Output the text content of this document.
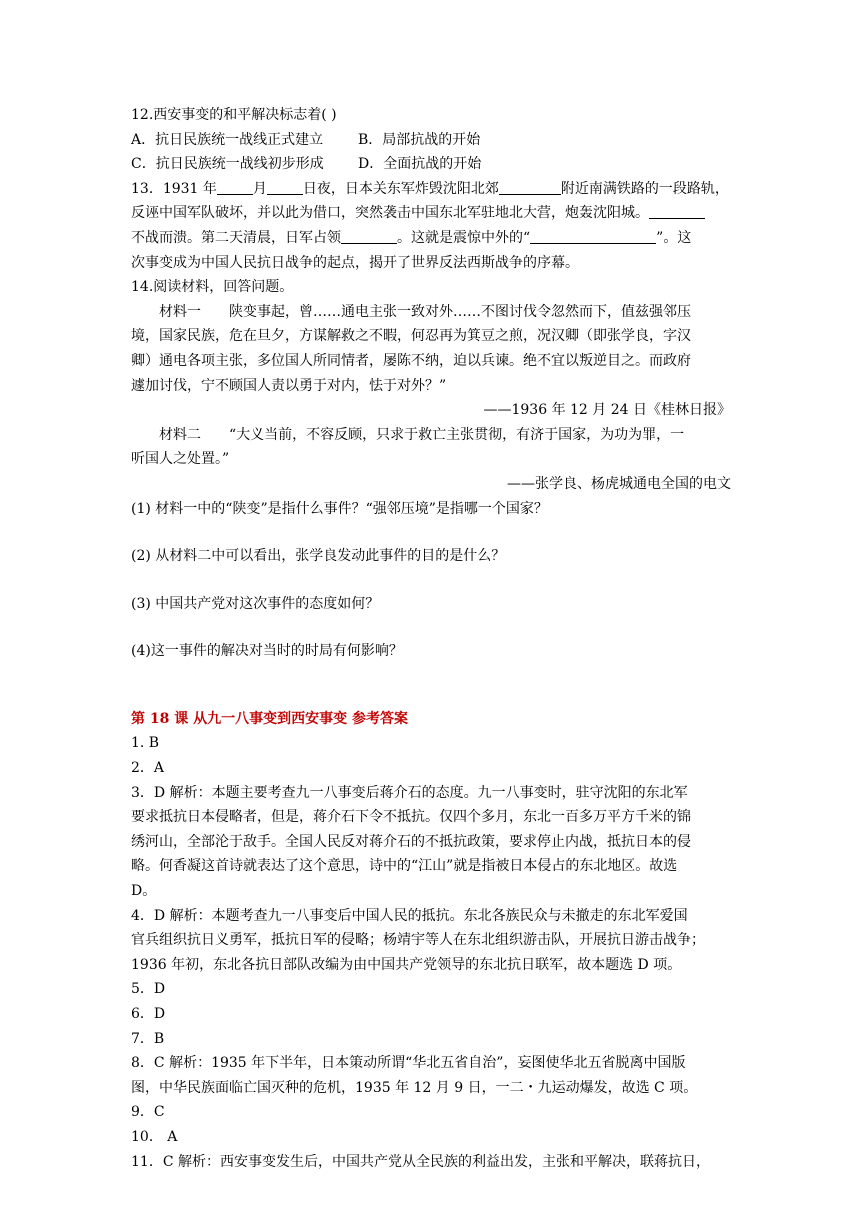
12.西安事变的和平解决标志着( )
A．抗日民族统一战线正式建立 B．局部抗战的开始
C．抗日民族统一战线初步形成 D．全面抗战的开始
13．1931 年	月	日夜，日本关东军炸毁沈阳北郊	附近南满铁路的一段路轨，
反诬中国军队破坏，并以此为借口，突然袭击中国东北军驻地北大营，炮轰沈阳城。
不战而溃。第二天清晨，日军占领	。这就是震惊中外的“	”。这
次事变成为中国人民抗日战争的起点，揭开了世界反法西斯战争的序幕。
14.阅读材料，回答问题。
材料一　　陕变事起，曾……通电主张一致对外……不图讨伐令忽然而下，值兹强邻压
境，国家民族，危在旦夕，方谋解救之不暇，何忍再为箕豆之煎，况汉卿（即张学良，字汉
卿）通电各项主张，多位国人所同情者，屡陈不纳，迫以兵谏。绝不宜以叛逆目之。而政府
遽加讨伐，宁不顾国人责以勇于对内，怯于对外？”
——1936 年 12 月 24 日《桂林日报》
材料二　　“大义当前，不容反顾，只求于救亡主张贯彻，有济于国家，为功为罪，一
听国人之处置。”
——张学良、杨虎城通电全国的电文
(1) 材料一中的“陕变”是指什么事件？“强邻压境”是指哪一个国家？
(2) 从材料二中可以看出，张学良发动此事件的目的是什么？
(3) 中国共产党对这次事件的态度如何？
(4)这一事件的解决对当时的时局有何影响？
第 18 课 从九一八事变到西安事变 参考答案
1. B
2．A
3．D 解析：本题主要考查九一八事变后蒋介石的态度。九一八事变时，驻守沈阳的东北军
要求抵抗日本侵略者，但是，蒋介石下令不抵抗。仅四个多月，东北一百多万平方千米的锦
绣河山，全部沦于敌手。全国人民反对蒋介石的不抵抗政策，要求停止内战，抵抗日本的侵
略。何香凝这首诗就表达了这个意思，诗中的“江山”就是指被日本侵占的东北地区。故选
D。
4．D 解析：本题考查九一八事变后中国人民的抵抗。东北各族民众与未撤走的东北军爱国
官兵组织抗日义勇军，抵抗日军的侵略；杨靖宇等人在东北组织游击队，开展抗日游击战争；
1936 年初，东北各抗日部队改编为由中国共产党领导的东北抗日联军，故本题选 D 项。
5．D
6．D
7．B
8．C 解析：1935 年下半年，日本策动所谓“华北五省自治”，妄图使华北五省脱离中国版
图，中华民族面临亡国灭种的危机，1935 年 12 月 9 日，一二・九运动爆发，故选 C 项。
9．C
10． A
11．C 解析：西安事变发生后，中国共产党从全民族的利益出发，主张和平解决，联蒋抗日，
